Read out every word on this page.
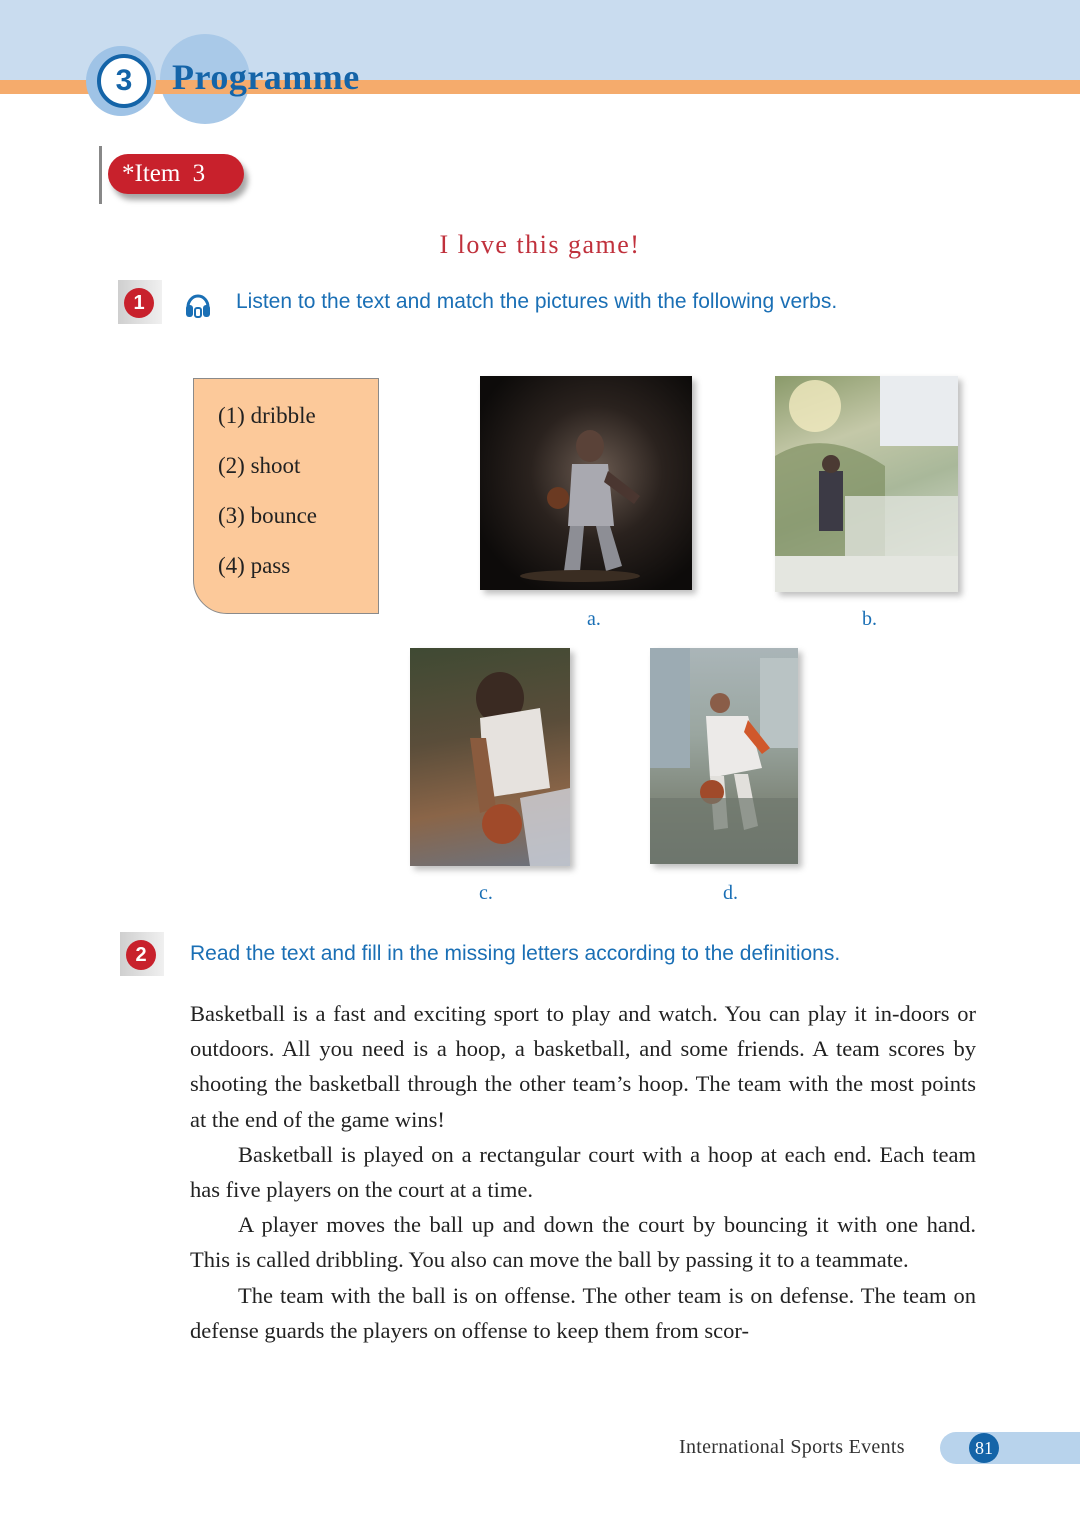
3	Programme
*Item 3
I love this game!
1	Listen to the text and match the pictures with the following verbs.
(1) dribble
(2) shoot
(3) bounce
(4) pass
a.	b.
c.	d.
2	Read the text and fill in the missing letters according to the definitions.

Basketball is a fast and exciting sport to play and watch. You can play it in-doors or outdoors. All you need is a hoop, a basketball, and some friends. A team scores by shooting the basketball through the other team’s hoop. The team with the most points at the end of the game wins!

Basketball is played on a rectangular court with a hoop at each end. Each team has five players on the court at a time.

A player moves the ball up and down the court by bouncing it with one hand. This is called dribbling. You also can move the ball by passing it to a teammate.

The team with the ball is on offense. The other team is on defense. The team on defense guards the players on offense to keep them from scor-

International Sports Events	81
